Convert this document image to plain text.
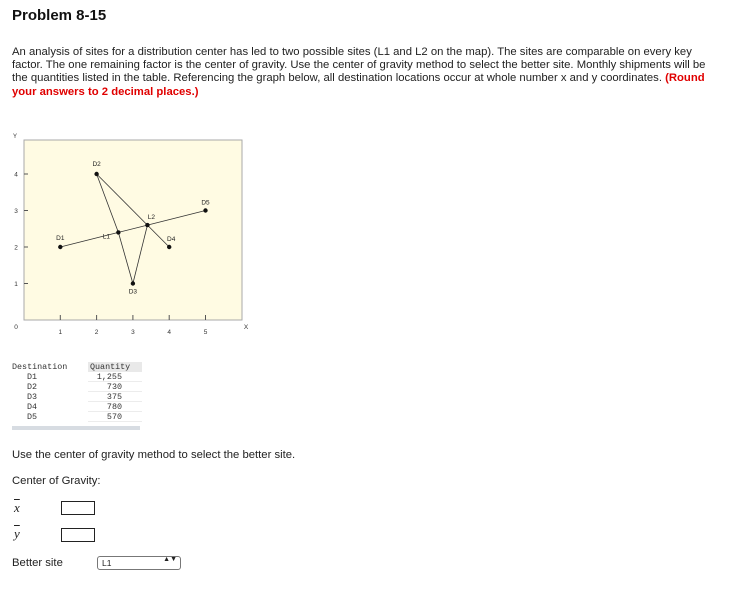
Problem 8-15
An analysis of sites for a distribution center has led to two possible sites (L1 and L2 on the map). The sites are comparable on every key factor. The one remaining factor is the center of gravity. Use the center of gravity method to select the better site. Monthly shipments will be the quantities listed in the table. Referencing the graph below, all destination locations occur at whole number x and y coordinates. (Round your answers to 2 decimal places.)
Y
X
0
1
2
3
4
1	2	3	4	5
D1
D2
D3
D4
D5
L1
L2
Destination	Quantity
D1	1,255
D2	730
D3	375
D4	780
D5	570
Use the center of gravity method to select the better site.
Center of Gravity:
$\overline{x}$
$\overline{y}$
Better site	L1	▲▼
